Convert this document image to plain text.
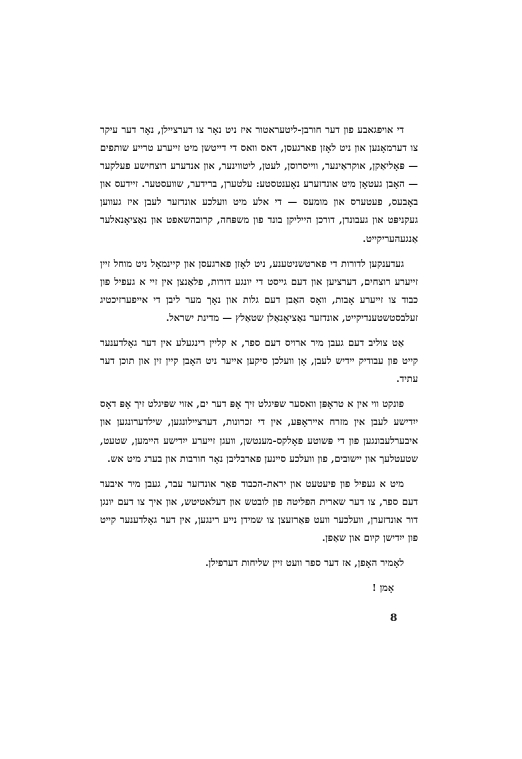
די אויפגאבע פון דער חורבן-ליטעראטור איז ניט נאָר צו דערציילן, נאָר דער עיקר צו דערמאָנען און ניט לאָזן פארגעסן, דאס וואס די דייטשן מיט זייערע טרייע שותפים — פּאָליאַקן, אוקראַינער, ווייסרוסן, לעטן, ליטווינער, און אנדערע רוצחישע פעלקער — האָבן געטאָן מיט אונדזערע נאָענטסטע: עלטערן, ברידער, שוועסטער. זיידעס און באָבעס, פעטערס און מומעס — די אלע מיט וועלכע אונדזער לעבן איז געווען געקניפּט און געבונדן, דורכן הייליקן בונד פון משפּחה, קרובהשאפט און נאַציאָנאלער אַנגעהעריקייט.

געדענקען לדורות די פארטשניטענע, ניט לאָזן פארגעסן און קיינמאָל ניט מוחל זיין זייערע רוצחים, דערציען און דעם גייסט די יונגע דורות, פלאַנצן אין זיי א געפיל פון כבוד צו זייערע אָבות, וואָס האַבן דעם גלות און נאָך מער ליבן די אייפערזיכטיג זעלבסטשטענדיקייט, אונדזער נאַציאָנאַלן שטאַלץ — מדינת ישראל.

אַט צוליב דעם געבן מיר ארויס דעם ספר, א קליין רינגעלע אין דער גאָלדענער קייט פון עבודיק יידיש לעבן, אָן וועלכן סיקען אייער ניט האָבן קיין זין און תוכן דער עתיד.

פונקט ווי אין א טראָפּן וואסער שפּיגלט זיך אָפּ דער ים, אזוי שפּיגלט זיך אָפּ דאָס ייִדישע לעבן אין מזרח אייראָפּע, אין די זכרונות, דערציילונגען, שילדערונגען און איבערלעבונגען פון די פּשוטע פאָלקס-מענטשן, וועגן זייערע ייִדישע היימען, שטעט, שטעטלעך און יישובים, פון וועלכע סיינען פארבליבן נאָר חורבות און בערג מיט אש.

מיט א געפיל פון פיעטעט און יראת-הכבוד פאַר אונדזער עבר, געבן מיר איבער דעם ספר, צו דער שארית הפליטה פון לובטש און דעלאטיטש, און איך צו דעם יונגן דור אונדזערן, וועלכער וועט פּאַרזעצן צו שמידן נייע רינגען, אין דער גאָלדענער קייט פון ייִדישן קיום און שאַפן.

לאָמיר האָפן, אז דער ספר וועט זיין שליחות דערפילן.

אָמן !

8
